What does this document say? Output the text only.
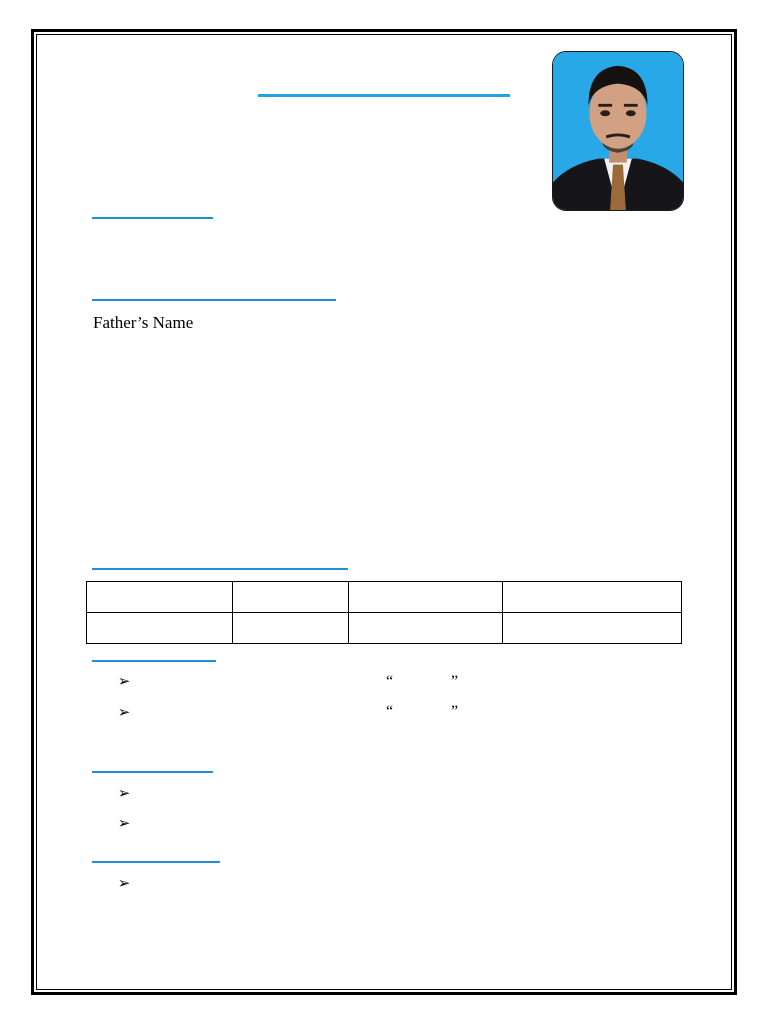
Father’s Name

➢	“	”
➢	“	”
➢
➢
➢
